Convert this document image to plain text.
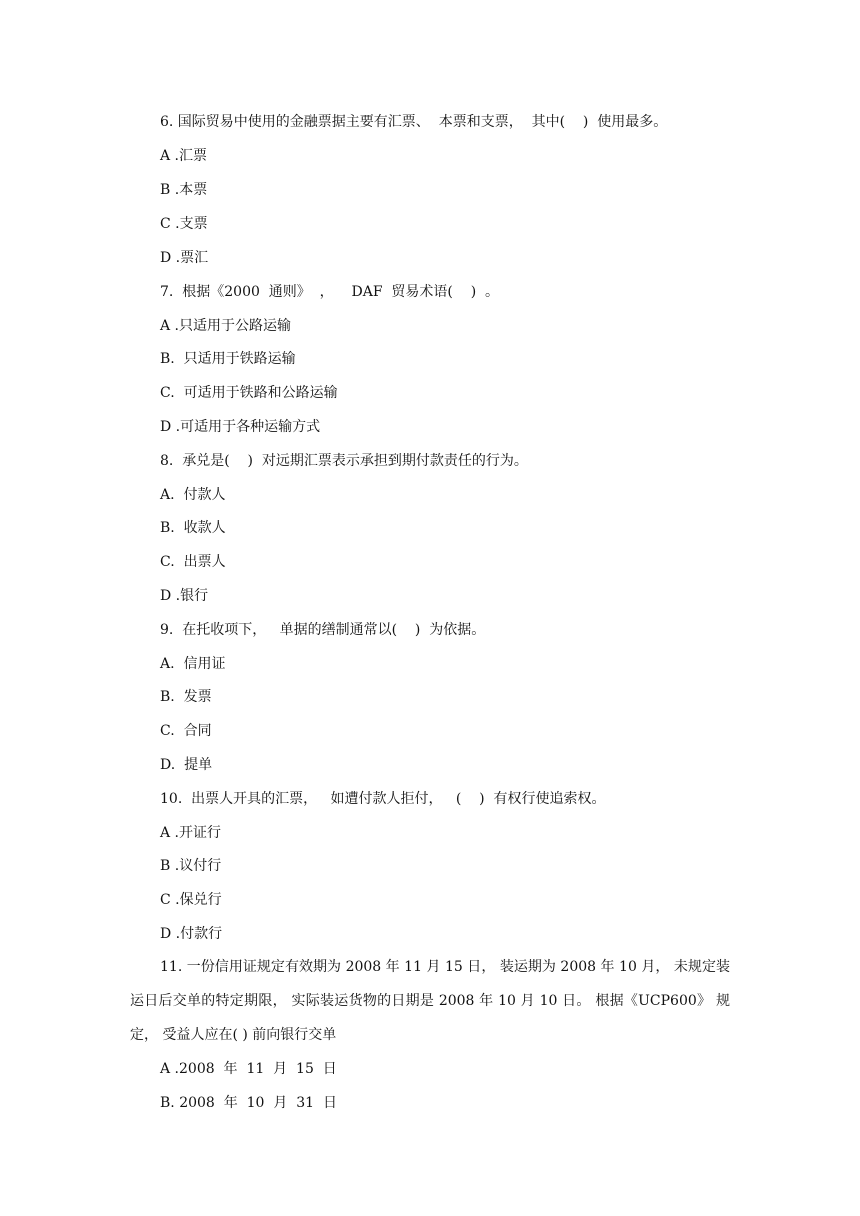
6. 国际贸易中使用的金融票据主要有汇票、  本票和支票，  其中(    )  使用最多。
A .汇票
B .本票
C .支票
D .票汇
7.  根据《2000  通则》  ，    DAF  贸易术语(    )  。
A .只适用于公路运输
B.  只适用于铁路运输
C.  可适用于铁路和公路运输
D .可适用于各种运输方式
8.  承兑是(    )  对远期汇票表示承担到期付款责任的行为。
A.  付款人
B.  收款人
C.  出票人
D .银行
9.  在托收项下，   单据的缮制通常以(    )  为依据。
A.  信用证
B.  发票
C.  合同
D.  提单
10.  出票人开具的汇票，   如遭付款人拒付，   (    )  有权行使追索权。
A .开证行
B .议付行
C .保兑行
D .付款行
11. 一份信用证规定有效期为 2008 年 11 月 15 日， 装运期为 2008 年 10 月， 未规定装运日后交单的特定期限， 实际装运货物的日期是 2008 年 10 月 10 日。 根据《UCP600》 规定， 受益人应在( ) 前向银行交单
A .2008  年  11  月  15  日
B. 2008  年  10  月  31  日
